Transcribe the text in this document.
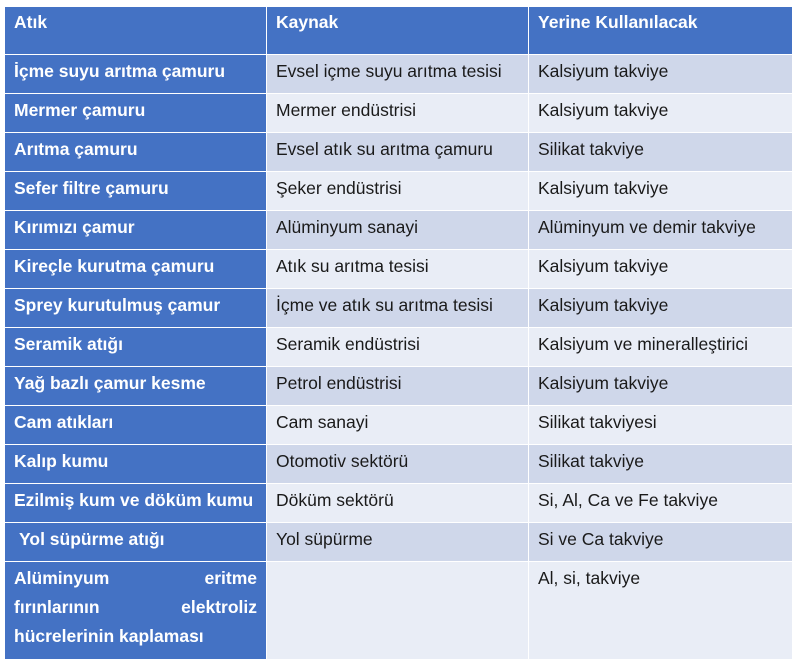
Atık	Kaynak	Yerine Kullanılacak
İçme suyu arıtma çamuru	Evsel içme suyu arıtma tesisi	Kalsiyum takviye
Mermer çamuru	Mermer endüstrisi	Kalsiyum takviye
Arıtma çamuru	Evsel atık su arıtma çamuru	Silikat takviye
Sefer filtre çamuru	Şeker endüstrisi	Kalsiyum takviye
Kırımızı çamur	Alüminyum sanayi	Alüminyum ve demir takviye
Kireçle kurutma çamuru	Atık su arıtma tesisi	Kalsiyum takviye
Sprey kurutulmuş çamur	İçme ve atık su arıtma tesisi	Kalsiyum takviye
Seramik atığı	Seramik endüstrisi	Kalsiyum ve mineralleştirici
Yağ bazlı çamur kesme	Petrol endüstrisi	Kalsiyum takviye
Cam atıkları	Cam sanayi	Silikat takviyesi
Kalıp kumu	Otomotiv sektörü	Silikat takviye
Ezilmiş kum ve döküm kumu	Döküm sektörü	Si, Al, Ca ve Fe takviye
Yol süpürme atığı	Yol süpürme	Si ve Ca takviye
Alüminyum eritme fırınlarının elektroliz hücrelerinin kaplaması		Al, si, takviye
